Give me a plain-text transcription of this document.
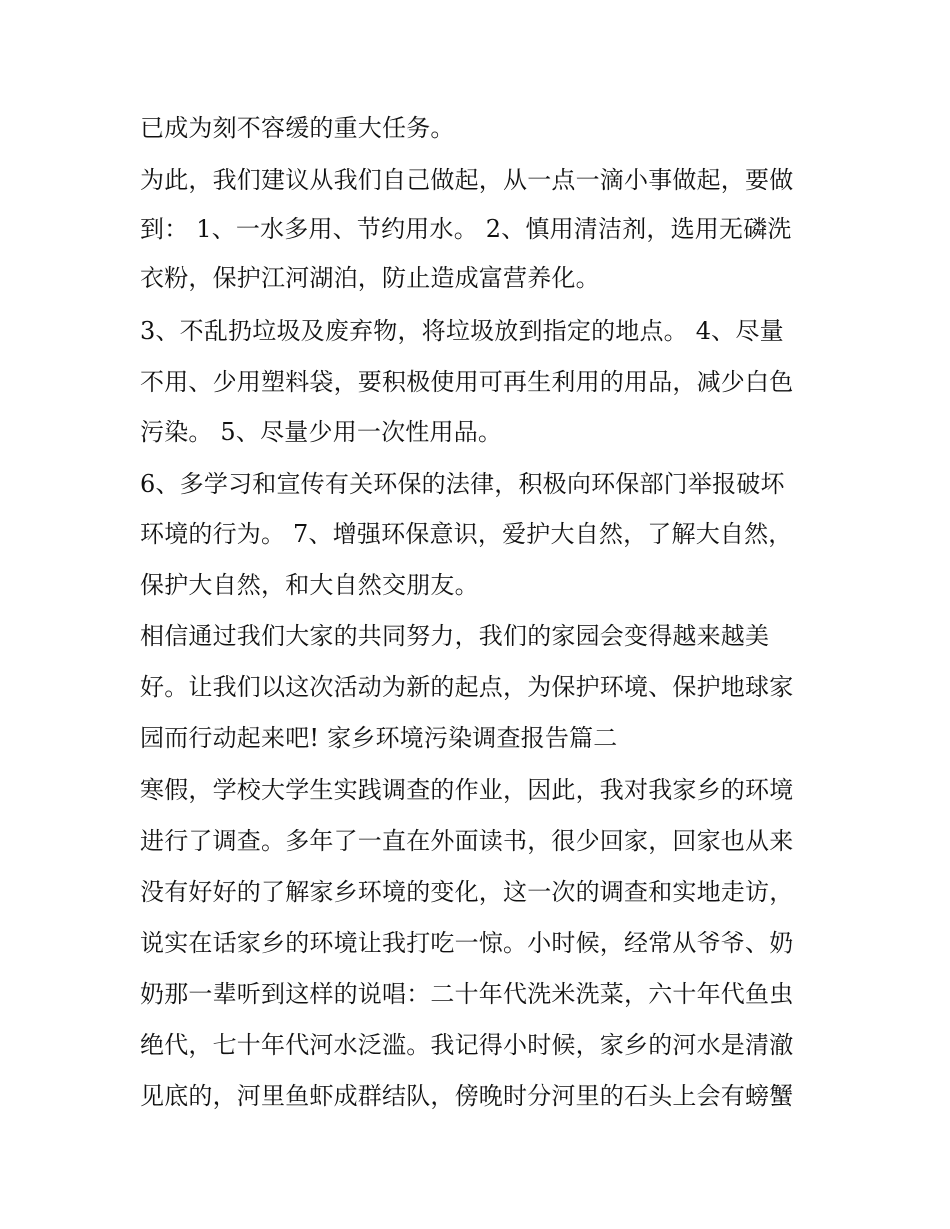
已成为刻不容缓的重大任务。
为此，我们建议从我们自己做起，从一点一滴小事做起，要做
到： 1、一水多用、节约用水。 2、慎用清洁剂，选用无磷洗
衣粉，保护江河湖泊，防止造成富营养化。
3、不乱扔垃圾及废弃物，将垃圾放到指定的地点。 4、尽量
不用、少用塑料袋，要积极使用可再生利用的用品，减少白色
污染。 5、尽量少用一次性用品。
6、多学习和宣传有关环保的法律，积极向环保部门举报破坏
环境的行为。 7、增强环保意识，爱护大自然，了解大自然，
保护大自然，和大自然交朋友。
相信通过我们大家的共同努力，我们的家园会变得越来越美
好。让我们以这次活动为新的起点，为保护环境、保护地球家
园而行动起来吧! 家乡环境污染调查报告篇二
寒假，学校大学生实践调查的作业，因此，我对我家乡的环境
进行了调查。多年了一直在外面读书，很少回家，回家也从来
没有好好的了解家乡环境的变化，这一次的调查和实地走访，
说实在话家乡的环境让我打吃一惊。小时候，经常从爷爷、奶
奶那一辈听到这样的说唱：二十年代洗米洗菜，六十年代鱼虫
绝代，七十年代河水泛滥。我记得小时候，家乡的河水是清澈
见底的，河里鱼虾成群结队，傍晚时分河里的石头上会有螃蟹
